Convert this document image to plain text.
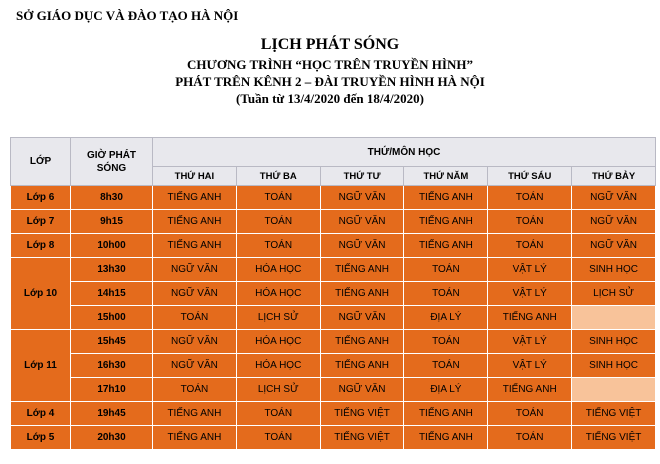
SỞ GIÁO DỤC VÀ ĐÀO TẠO HÀ NỘI
LỊCH PHÁT SÓNG
CHƯƠNG TRÌNH “HỌC TRÊN TRUYỀN HÌNH”
PHÁT TRÊN KÊNH 2 – ĐÀI TRUYỀN HÌNH HÀ NỘI
(Tuần từ 13/4/2020 đến 18/4/2020)
LỚP	GIỜ PHÁT SÓNG	THỨ/MÔN HỌC					
		THỨ HAI	THỨ BA	THỨ TƯ	THỨ NĂM	THỨ SÁU	THỨ BẢY
Lớp 6	8h30	TIẾNG ANH	TOÁN	NGỮ VĂN	TIẾNG ANH	TOÁN	NGỮ VĂN
Lớp 7	9h15	TIẾNG ANH	TOÁN	NGỮ VĂN	TIẾNG ANH	TOÁN	NGỮ VĂN
Lớp 8	10h00	TIẾNG ANH	TOÁN	NGỮ VĂN	TIẾNG ANH	TOÁN	NGỮ VĂN
Lớp 10	13h30	NGỮ VĂN	HÓA HỌC	TIẾNG ANH	TOÁN	VẬT LÝ	SINH HỌC
	14h15	NGỮ VĂN	HÓA HỌC	TIẾNG ANH	TOÁN	VẬT LÝ	LỊCH SỬ
	15h00	TOÁN	LỊCH SỬ	NGỮ VĂN	ĐỊA LÝ	TIẾNG ANH	
Lớp 11	15h45	NGỮ VĂN	HÓA HỌC	TIẾNG ANH	TOÁN	VẬT LÝ	SINH HỌC
	16h30	NGỮ VĂN	HÓA HỌC	TIẾNG ANH	TOÁN	VẬT LÝ	SINH HỌC
	17h10	TOÁN	LỊCH SỬ	NGỮ VĂN	ĐỊA LÝ	TIẾNG ANH	
Lớp 4	19h45	TIẾNG ANH	TOÁN	TIẾNG VIỆT	TIẾNG ANH	TOÁN	TIẾNG VIỆT
Lớp 5	20h30	TIẾNG ANH	TOÁN	TIẾNG VIỆT	TIẾNG ANH	TOÁN	TIẾNG VIỆT
